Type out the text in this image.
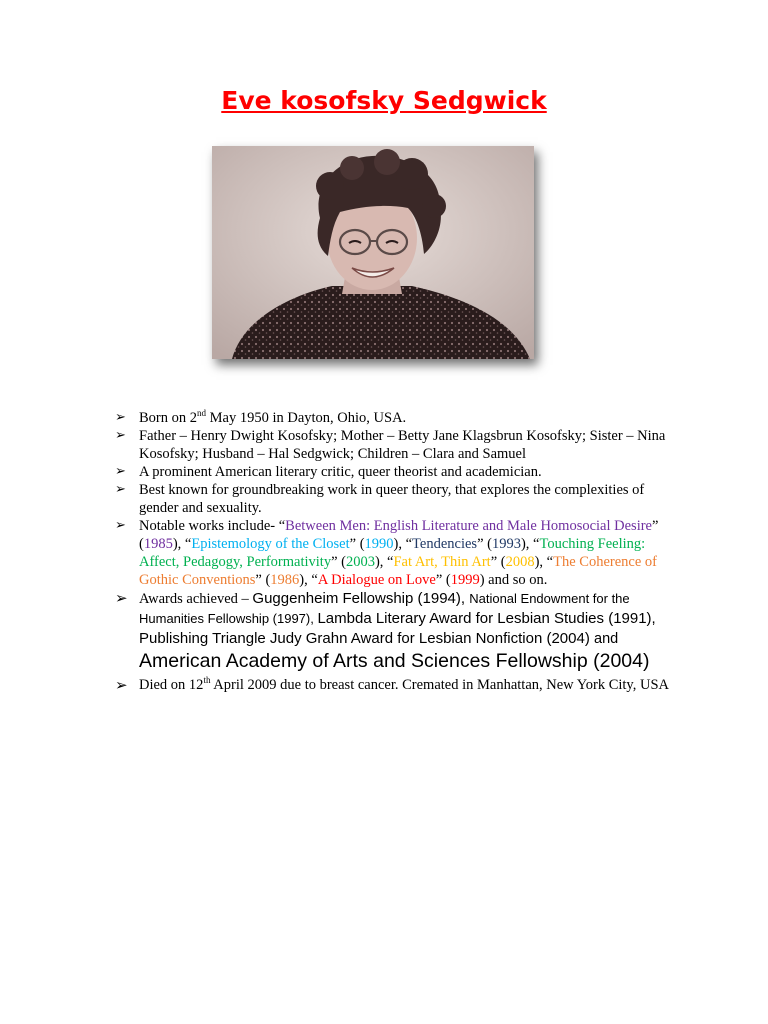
Eve kosofsky Sedgwick
➢ Born on 2nd May 1950 in Dayton, Ohio, USA.
➢ Father – Henry Dwight Kosofsky; Mother – Betty Jane Klagsbrun Kosofsky; Sister – Nina Kosofsky; Husband – Hal Sedgwick; Children – Clara and Samuel
➢ A prominent American literary critic, queer theorist and academician.
➢ Best known for groundbreaking work in queer theory, that explores the complexities of gender and sexuality.
➢ Notable works include- “Between Men: English Literature and Male Homosocial Desire” (1985), “Epistemology of the Closet” (1990), “Tendencies” (1993), “Touching Feeling: Affect, Pedagogy, Performativity” (2003), “Fat Art, Thin Art” (2008), “The Coherence of Gothic Conventions” (1986), “A Dialogue on Love” (1999) and so on.
➢ Awards achieved – Guggenheim Fellowship (1994), National Endowment for the Humanities Fellowship (1997), Lambda Literary Award for Lesbian Studies (1991), Publishing Triangle Judy Grahn Award for Lesbian Nonfiction (2004) and American Academy of Arts and Sciences Fellowship (2004)
➢ Died on 12th April 2009 due to breast cancer. Cremated in Manhattan, New York City, USA
